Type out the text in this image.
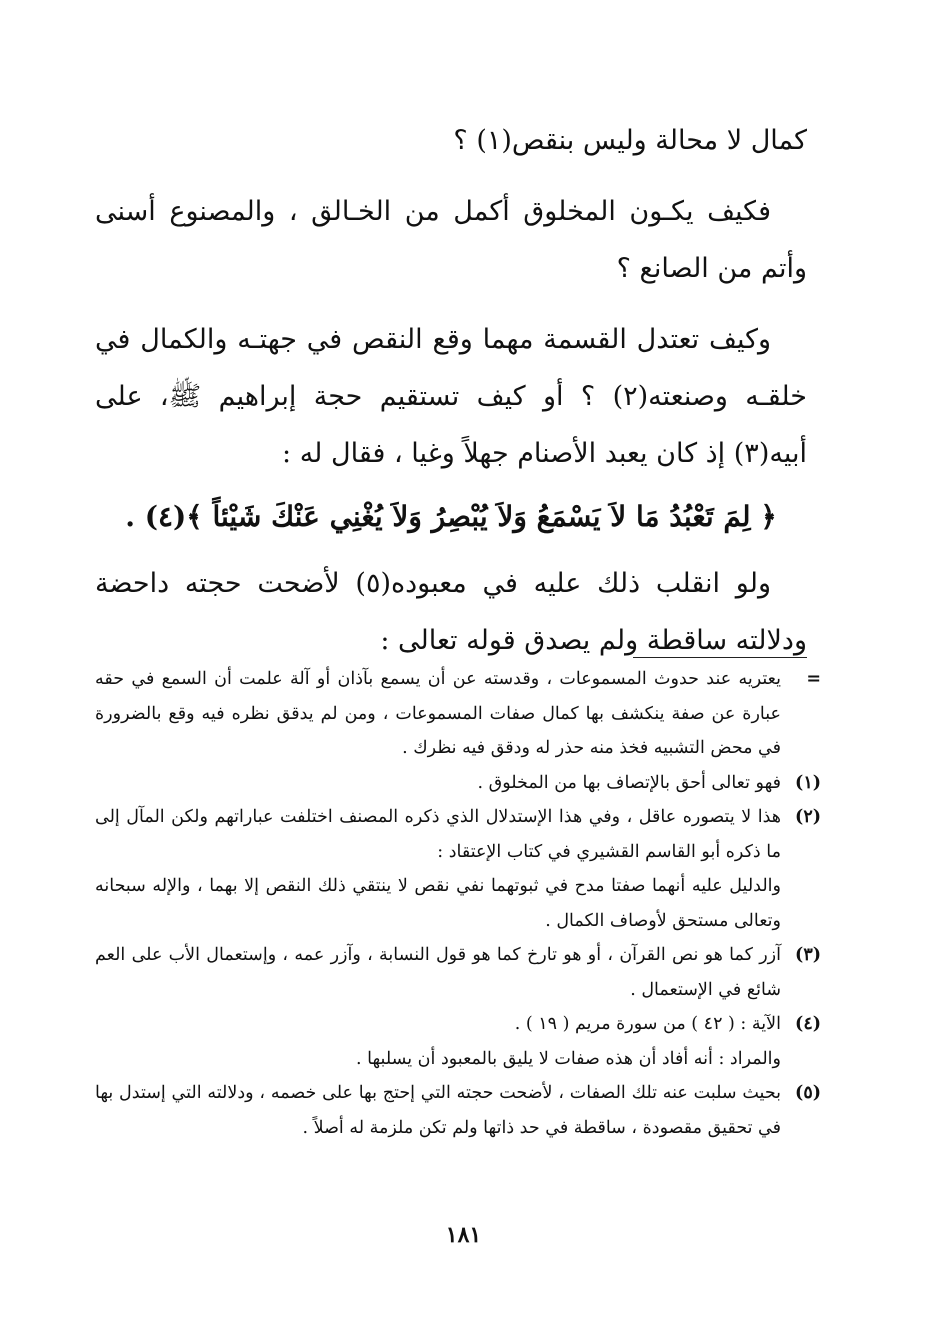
كمال لا محالة وليس بنقص(١) ؟

فكيف يكـون المخلوق أكمل من الخـالق ، والمصنوع أسنى وأتم من الصانع ؟

وكيف تعتدل القسمة مهما وقع النقص في جهتـه والكمال في خلقـه وصنعته(٢) ؟ أو كيف تستقيم حجة إبراهيم ﷺ، على أبيه(٣) إذ كان يعبد الأصنام جهلاً وغيا ، فقال له :

﴿ لِمَ تَعْبُدُ مَا لاَ يَسْمَعُ وَلاَ يُبْصِرُ وَلاَ يُغْنِي عَنْكَ شَيْئاً ﴾(٤) .

ولو انقلب ذلك عليه في معبوده(٥) لأضحت حجته داحضة ودلالته ساقطة ولم يصدق قوله تعالى :

=
يعتريه عند حدوث المسموعات ، وقدسته عن أن يسمع بآذان أو آلة علمت أن السمع في حقه عبارة عن صفة ينكشف بها كمال صفات المسموعات ، ومن لم يدقق نظره فيه وقع بالضرورة في محض التشبيه فخذ منه حذر له ودقق فيه نظرك .

(١)
فهو تعالى أحق بالإتصاف بها من المخلوق .

(٢)
هذا لا يتصوره عاقل ، وفي هذا الإستدلال الذي ذكره المصنف اختلفت عباراتهم ولكن المآل إلى ما ذكره أبو القاسم القشيري في كتاب الإعتقاد :

والدليل عليه أنهما صفتا مدح في ثبوتهما نفي نقص لا ينتقي ذلك النقص إلا بهما ، والإله سبحانه وتعالى مستحق لأوصاف الكمال .

(٣)
آزر كما هو نص القرآن ، أو هو تارخ كما هو قول النسابة ، وآزر عمه ، وإستعمال الأب على العم شائع في الإستعمال .

(٤)
الآية : ( ٤٢ ) من سورة مريم ( ١٩ ) .

والمراد : أنه أفاد أن هذه صفات لا يليق بالمعبود أن يسلبها .

(٥)
بحيث سلبت عنه تلك الصفات ، لأضحت حجته التي إحتج بها على خصمه ، ودلالته التي إستدل بها في تحقيق مقصودة ، ساقطة في حد ذاتها ولم تكن ملزمة له أصلاً .

١٨١
